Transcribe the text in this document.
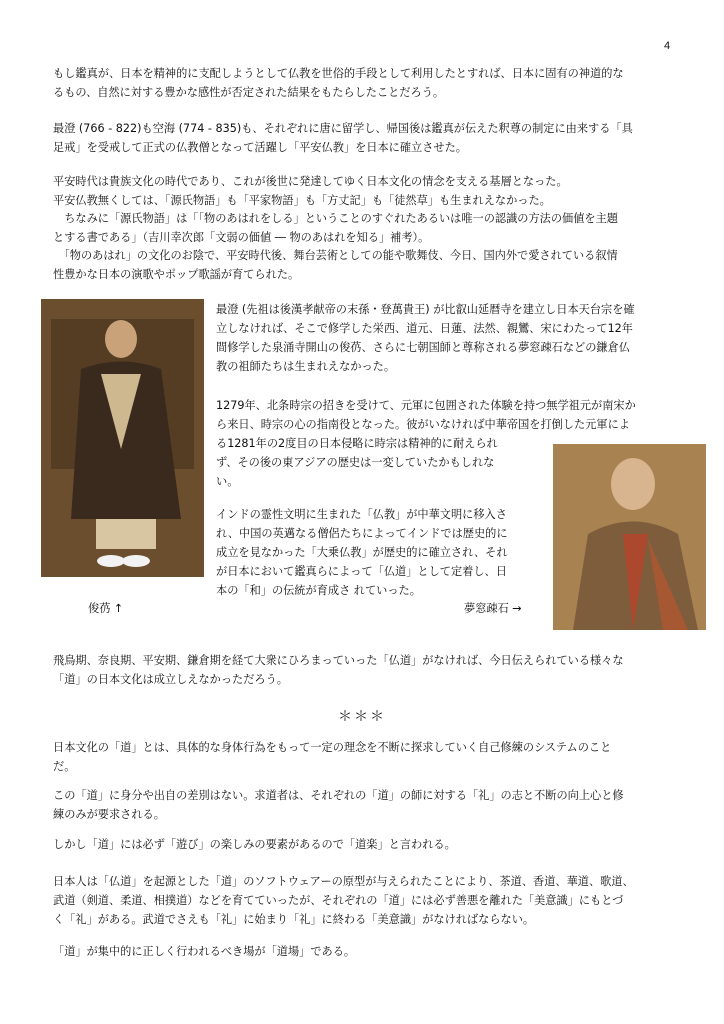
4

もし鑑真が、日本を精神的に支配しようとして仏教を世俗的手段として利用したとすれば、日本に固有の神道的な
るもの、自然に対する豊かな感性が否定された結果をもたらしたことだろう。

最澄 (766 - 822)も空海 (774 - 835)も、それぞれに唐に留学し、帰国後は鑑真が伝えた釈尊の制定に由来する「具
足戒」を受戒して正式の仏教僧となって活躍し「平安仏教」を日本に確立させた。

平安時代は貴族文化の時代であり、これが後世に発達してゆく日本文化の情念を支える基層となった。
平安仏教無くしては、「源氏物語」も「平家物語」も「方丈記」も「徒然草」も生まれえなかった。
　ちなみに「源氏物語」は「「物のあはれをしる」ということのすぐれたあるいは唯一の認識の方法の価値を主題
とする書である」（吉川幸次郎「文弱の価値 ― 物のあはれを知る」補考）。
　「物のあはれ」の文化のお陰で、平安時代後、舞台芸術としての能や歌舞伎、今日、国内外で愛されている叙情
性豊かな日本の演歌やポップ歌謡が育てられた。

最澄 (先祖は後漢孝献帝の末孫・登萬貴王) が比叡山延暦寺を建立し日本天台宗を確
立しなければ、そこで修学した栄西、道元、日蓮、法然、親鸞、宋にわたって12年
間修学した泉涌寺開山の俊芿、さらに七朝国師と尊称される夢窓疎石などの鎌倉仏
教の祖師たちは生まれえなかった。

1279年、北条時宗の招きを受けて、元軍に包囲された体験を持つ無学祖元が南宋か
ら来日、時宗の心の指南役となった。彼がいなければ中華帝国を打倒した元軍によ
る1281年の2度目の日本侵略に時宗は精神的に耐えられ
ず、その後の東アジアの歴史は一変していたかもしれな
い。

インドの霊性文明に生まれた「仏教」が中華文明に移入さ
れ、中国の英邁なる僧侶たちによってインドでは歴史的に
成立を見なかった「大乗仏教」が歴史的に確立され、それ
が日本において鑑真らによって「仏道」として定着し、日
本の「和」の伝統が育成さ れていった。

俊芿 ↑	夢窓疎石 →

飛鳥期、奈良期、平安期、鎌倉期を経て大衆にひろまっていった「仏道」がなければ、今日伝えられている様々な
「道」の日本文化は成立しえなかっただろう。

＊＊＊

日本文化の「道」とは、具体的な身体行為をもって一定の理念を不断に探求していく自己修練のシステムのこと
だ。

この「道」に身分や出自の差別はない。求道者は、それぞれの「道」の師に対する「礼」の志と不断の向上心と修
練のみが要求される。

しかし「道」には必ず「遊び」の楽しみの要素があるので「道楽」と言われる。

日本人は「仏道」を起源とした「道」のソフトウェアーの原型が与えられたことにより、茶道、香道、華道、歌道、
武道（剣道、柔道、相撲道）などを育てていったが、それぞれの「道」には必ず善悪を離れた「美意識」にもとづ
く「礼」がある。武道でさえも「礼」に始まり「礼」に終わる「美意識」がなければならない。

「道」が集中的に正しく行われるべき場が「道場」である。
